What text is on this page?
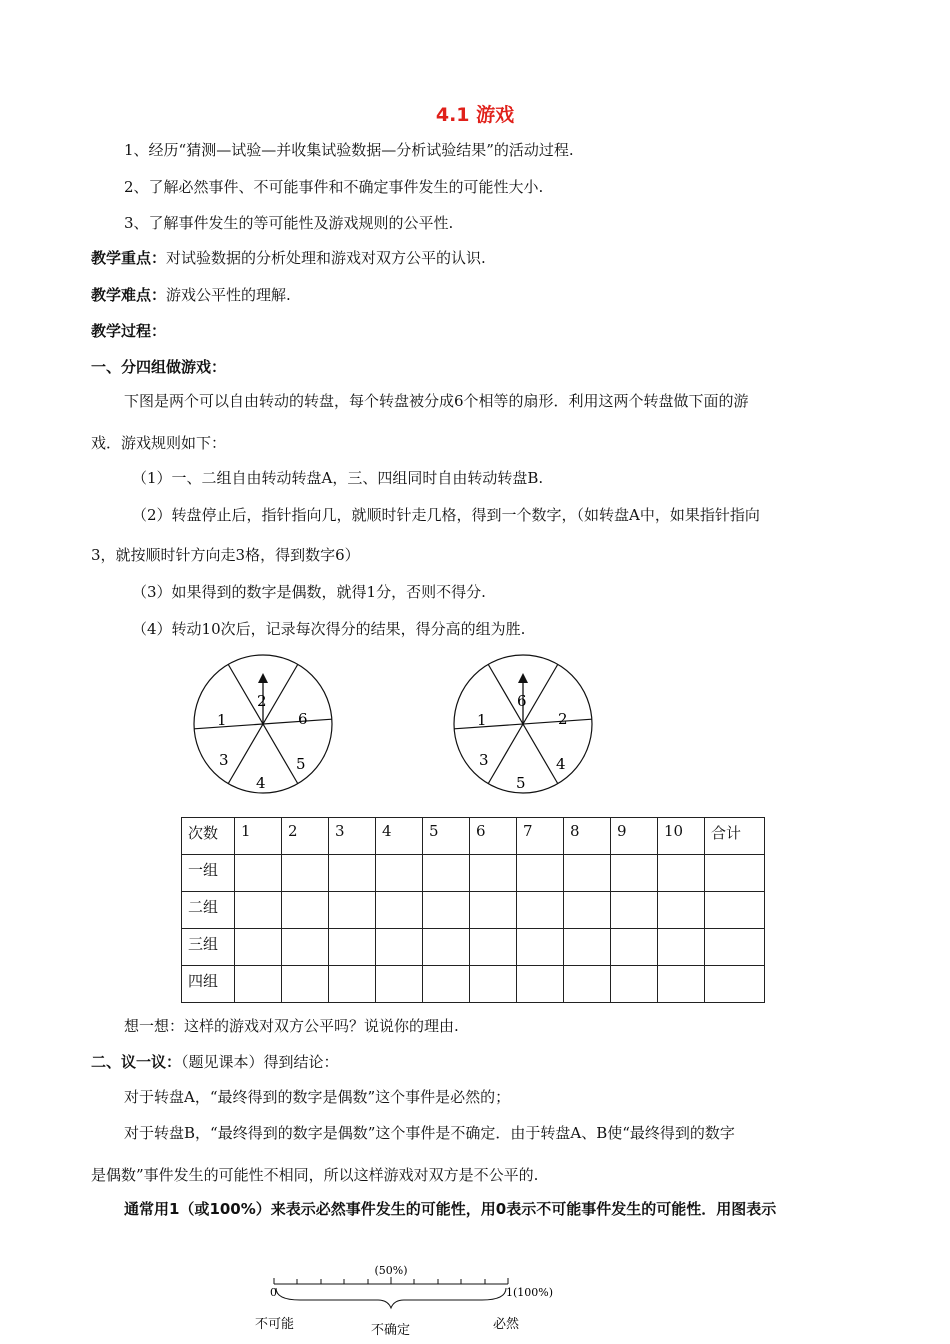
4.1 游戏
1、经历“猜测—试验—并收集试验数据—分析试验结果”的活动过程.
2、了解必然事件、不可能事件和不确定事件发生的可能性大小.
3、了解事件发生的等可能性及游戏规则的公平性.
教学重点：对试验数据的分析处理和游戏对双方公平的认识.
教学难点：游戏公平性的理解.
教学过程：
一、分四组做游戏：
下图是两个可以自由转动的转盘，每个转盘被分成6个相等的扇形．利用这两个转盘做下面的游
戏．游戏规则如下：
（1）一、二组自由转动转盘A，三、四组同时自由转动转盘B.
（2）转盘停止后，指针指向几，就顺时针走几格，得到一个数字，（如转盘A中，如果指针指向
3，就按顺时针方向走3格，得到数字6）
（3）如果得到的数字是偶数，就得1分，否则不得分.
（4）转动10次后，记录每次得分的结果，得分高的组为胜.
2
6
5
4
3
1
6
2
4
5
3
1
次数	1	2	3	4	5	6	7	8	9	10	合计
一组											
二组											
三组											
四组											
想一想：这样的游戏对双方公平吗？说说你的理由.
二、议一议：（题见课本）得到结论：
对于转盘A，“最终得到的数字是偶数”这个事件是必然的；
对于转盘B，“最终得到的数字是偶数”这个事件是不确定．由于转盘A、B使“最终得到的数字
是偶数”事件发生的可能性不相同，所以这样游戏对双方是不公平的.
通常用1（或100%）来表示必然事件发生的可能性，用0表示不可能事件发生的可能性．用图表示
(50%)
0	1(100%)
不可能	不确定	必然
